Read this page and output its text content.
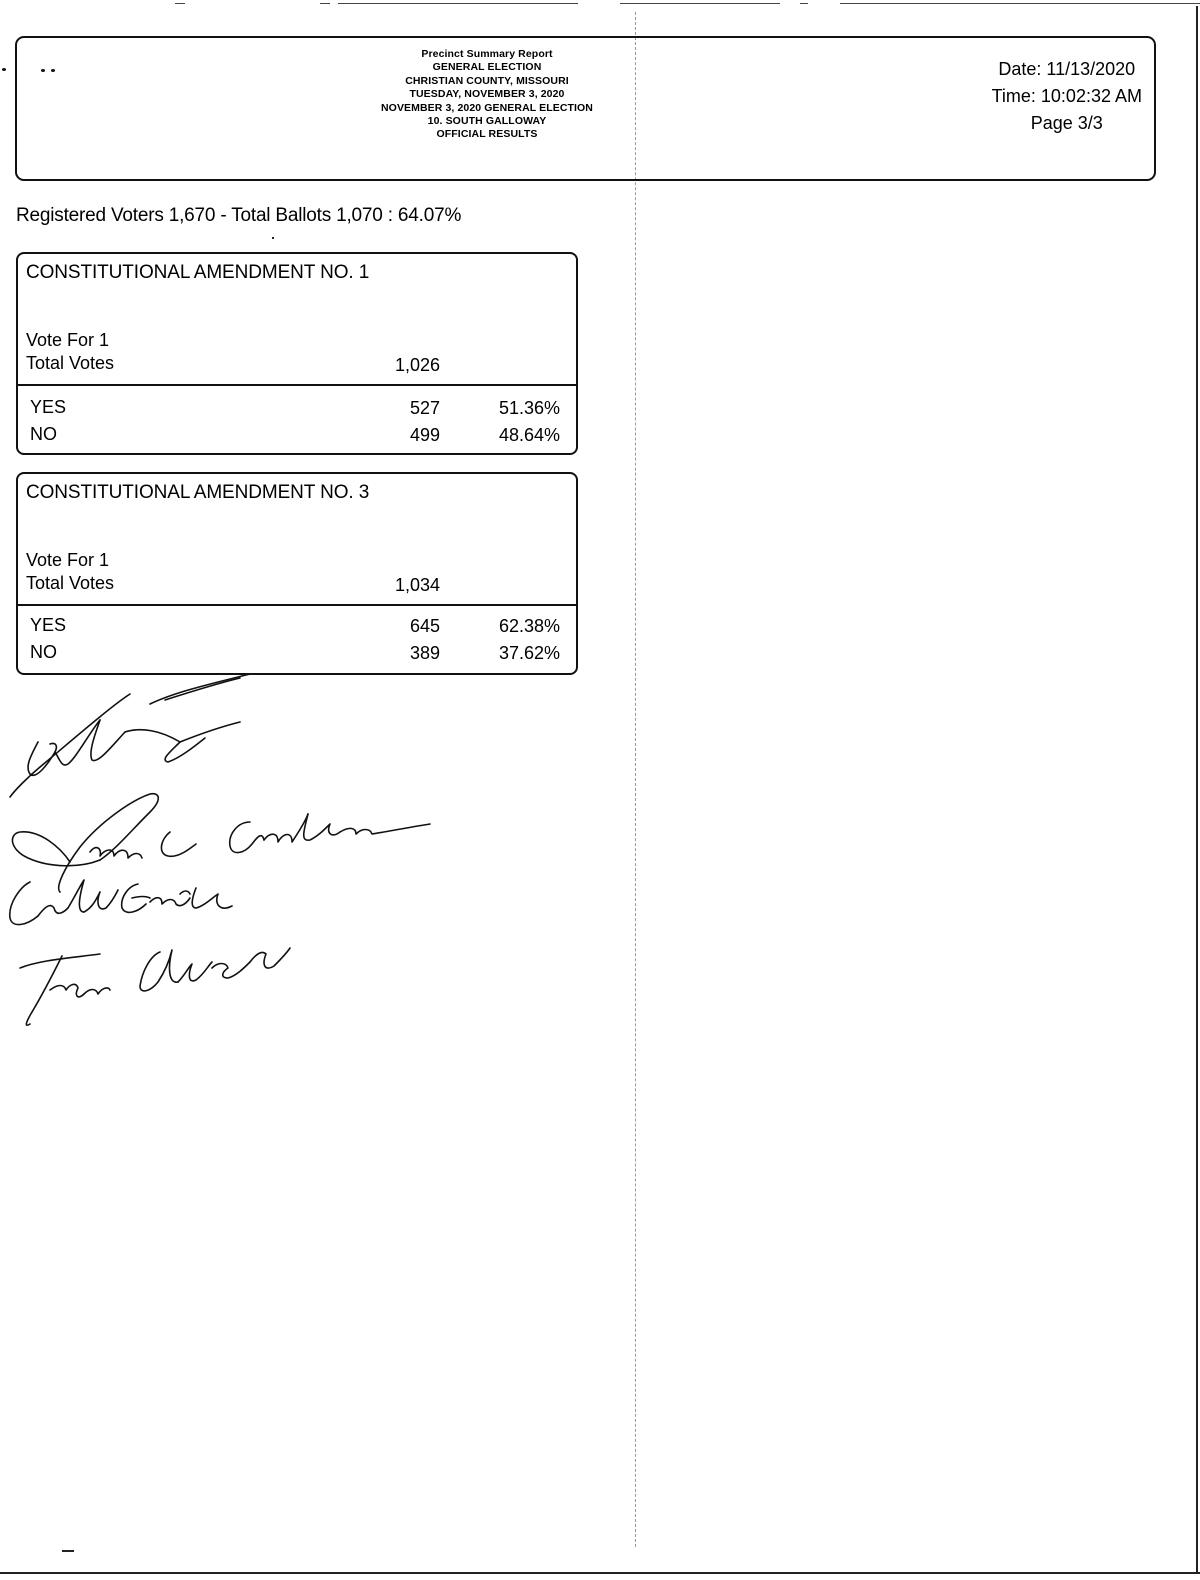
Precinct Summary Report
GENERAL ELECTION
CHRISTIAN COUNTY, MISSOURI
TUESDAY, NOVEMBER 3, 2020
NOVEMBER 3, 2020 GENERAL ELECTION
10. SOUTH GALLOWAY
OFFICIAL RESULTS
Date: 11/13/2020
Time: 10:02:32 AM
Page 3/3
Registered Voters 1,670 - Total Ballots 1,070 : 64.07%
CONSTITUTIONAL AMENDMENT NO. 1
Vote For 1
Total Votes	1,026
YES	527	51.36%
NO	499	48.64%
CONSTITUTIONAL AMENDMENT NO. 3
Vote For 1
Total Votes	1,034
YES	645	62.38%
NO	389	37.62%
